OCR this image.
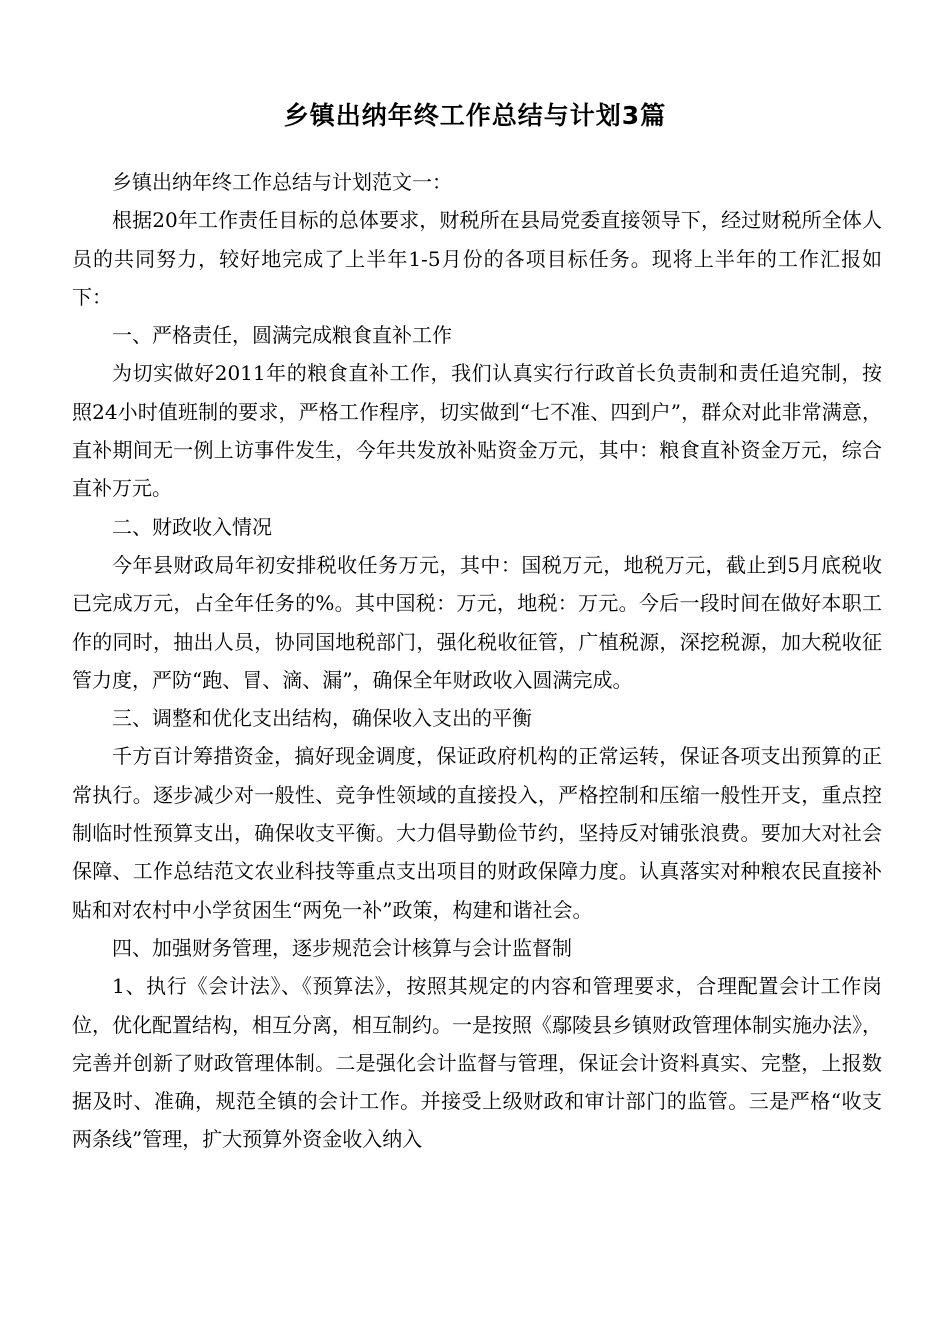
乡镇出纳年终工作总结与计划3篇

乡镇出纳年终工作总结与计划范文一：

根据20年工作责任目标的总体要求，财税所在县局党委直接领导下，经过财税所全体人员的共同努力，较好地完成了上半年1-5月份的各项目标任务。现将上半年的工作汇报如下：

一、严格责任，圆满完成粮食直补工作

为切实做好2011年的粮食直补工作，我们认真实行行政首长负责制和责任追究制，按照24小时值班制的要求，严格工作程序，切实做到“七不准、四到户”，群众对此非常满意，直补期间无一例上访事件发生，今年共发放补贴资金万元，其中：粮食直补资金万元，综合直补万元。

二、财政收入情况

今年县财政局年初安排税收任务万元，其中：国税万元，地税万元，截止到5月底税收已完成万元，占全年任务的%。其中国税：万元，地税：万元。今后一段时间在做好本职工作的同时，抽出人员，协同国地税部门，强化税收征管，广植税源，深挖税源，加大税收征管力度，严防“跑、冒、滴、漏”，确保全年财政收入圆满完成。

三、调整和优化支出结构，确保收入支出的平衡

千方百计筹措资金，搞好现金调度，保证政府机构的正常运转，保证各项支出预算的正常执行。逐步减少对一般性、竞争性领域的直接投入，严格控制和压缩一般性开支，重点控制临时性预算支出，确保收支平衡。大力倡导勤俭节约，坚持反对铺张浪费。要加大对社会保障、工作总结范文农业科技等重点支出项目的财政保障力度。认真落实对种粮农民直接补贴和对农村中小学贫困生“两免一补”政策，构建和谐社会。

四、加强财务管理，逐步规范会计核算与会计监督制

1、执行《会计法》、《预算法》，按照其规定的内容和管理要求，合理配置会计工作岗位，优化配置结构，相互分离，相互制约。一是按照《鄢陵县乡镇财政管理体制实施办法》，完善并创新了财政管理体制。二是强化会计监督与管理，保证会计资料真实、完整，上报数据及时、准确，规范全镇的会计工作。并接受上级财政和审计部门的监管。三是严格“收支两条线”管理，扩大预算外资金收入纳入
